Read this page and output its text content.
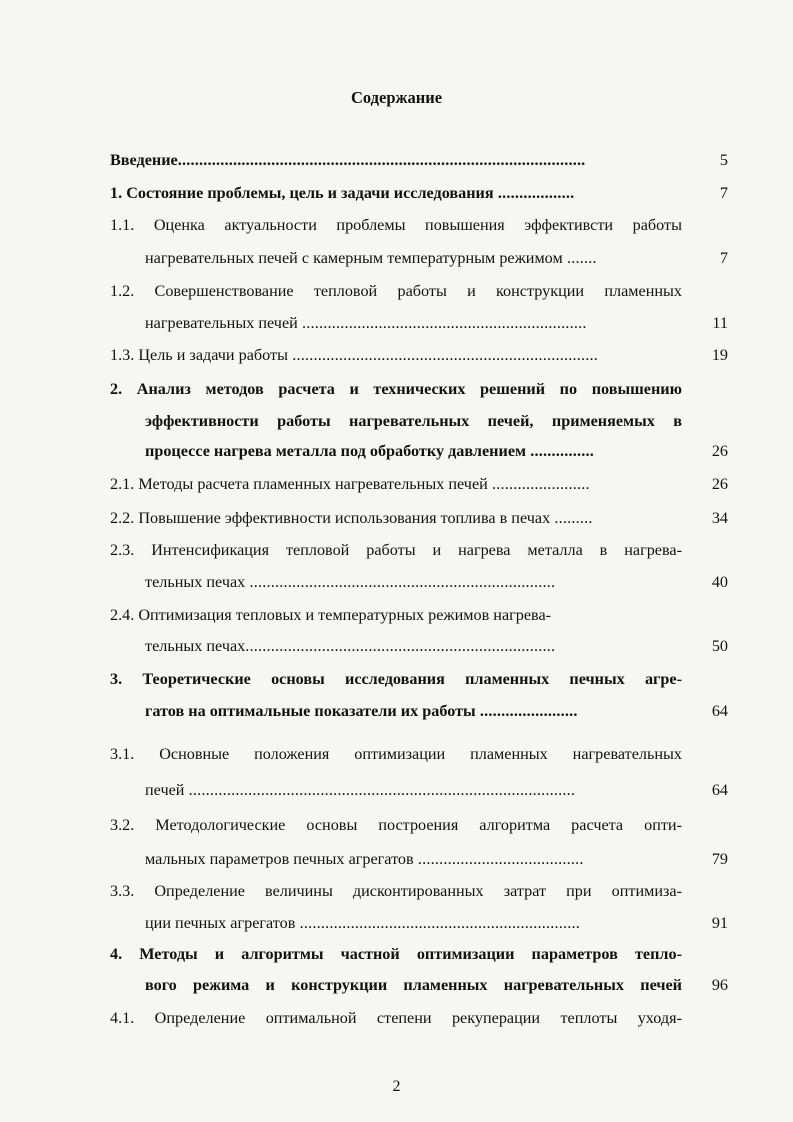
Содержание
Введение................................................................................................	5
1. Состояние проблемы, цель и задачи исследования ..................	7
1.1. Оценка актуальности проблемы повышения эффективсти работы
нагревательных печей с камерным температурным режимом .......	7
1.2. Совершенствование тепловой работы и конструкции пламенных
нагревательных печей ...................................................................	11
1.3. Цель и задачи работы ........................................................................	19
2. Анализ методов расчета и технических решений по повышению
эффективности работы нагревательных печей, применяемых в
процессе нагрева металла под обработку давлением ...............	26
2.1. Методы расчета пламенных нагревательных печей .......................	26
2.2. Повышение эффективности использования топлива в печах .........	34
2.3. Интенсификация тепловой работы и нагрева металла в нагрева-
тельных печах ........................................................................	40
2.4. Оптимизация тепловых и температурных режимов нагрева-
тельных печах.........................................................................	50
3. Теоретические основы исследования пламенных печных агре-
гатов на оптимальные показатели их работы .......................	64
3.1. Основные положения оптимизации пламенных нагревательных
печей ...........................................................................................	64
3.2. Методологические основы построения алгоритма расчета опти-
мальных параметров печных агрегатов .......................................	79
3.3. Определение величины дисконтированных затрат при оптимиза-
ции печных агрегатов ..................................................................	91
4. Методы и алгоритмы частной оптимизации параметров тепло-
вого режима и конструкции пламенных нагревательных печей	96
4.1. Определение оптимальной степени рекуперации теплоты уходя-
2
